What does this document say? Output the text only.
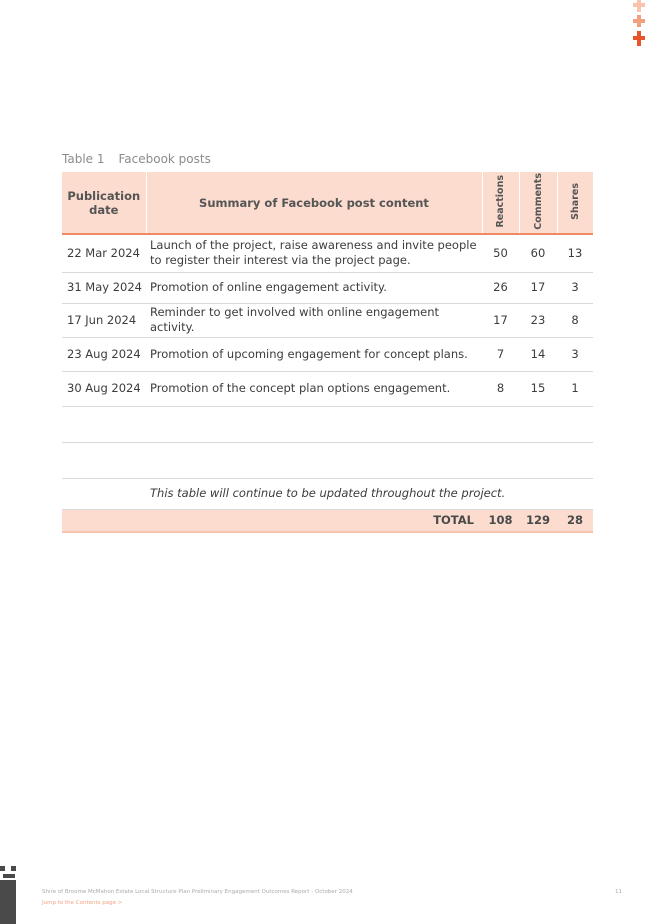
Table 1 Facebook posts
Publication date	Summary of Facebook post content	Reactions	Comments	Shares
22 Mar 2024	Launch of the project, raise awareness and invite people to register their interest via the project page.	50	60	13
31 May 2024	Promotion of online engagement activity.	26	17	3
17 Jun 2024	Reminder to get involved with online engagement activity.	17	23	8
23 Aug 2024	Promotion of upcoming engagement for concept plans.	7	14	3
30 Aug 2024	Promotion of the concept plan options engagement.	8	15	1

	This table will continue to be updated throughout the project.			
TOTAL		108	129	28
Shire of Broome McMahon Estate Local Structure Plan Preliminary Engagement Outcomes Report - October 2024
Jump to the Contents page >
11
